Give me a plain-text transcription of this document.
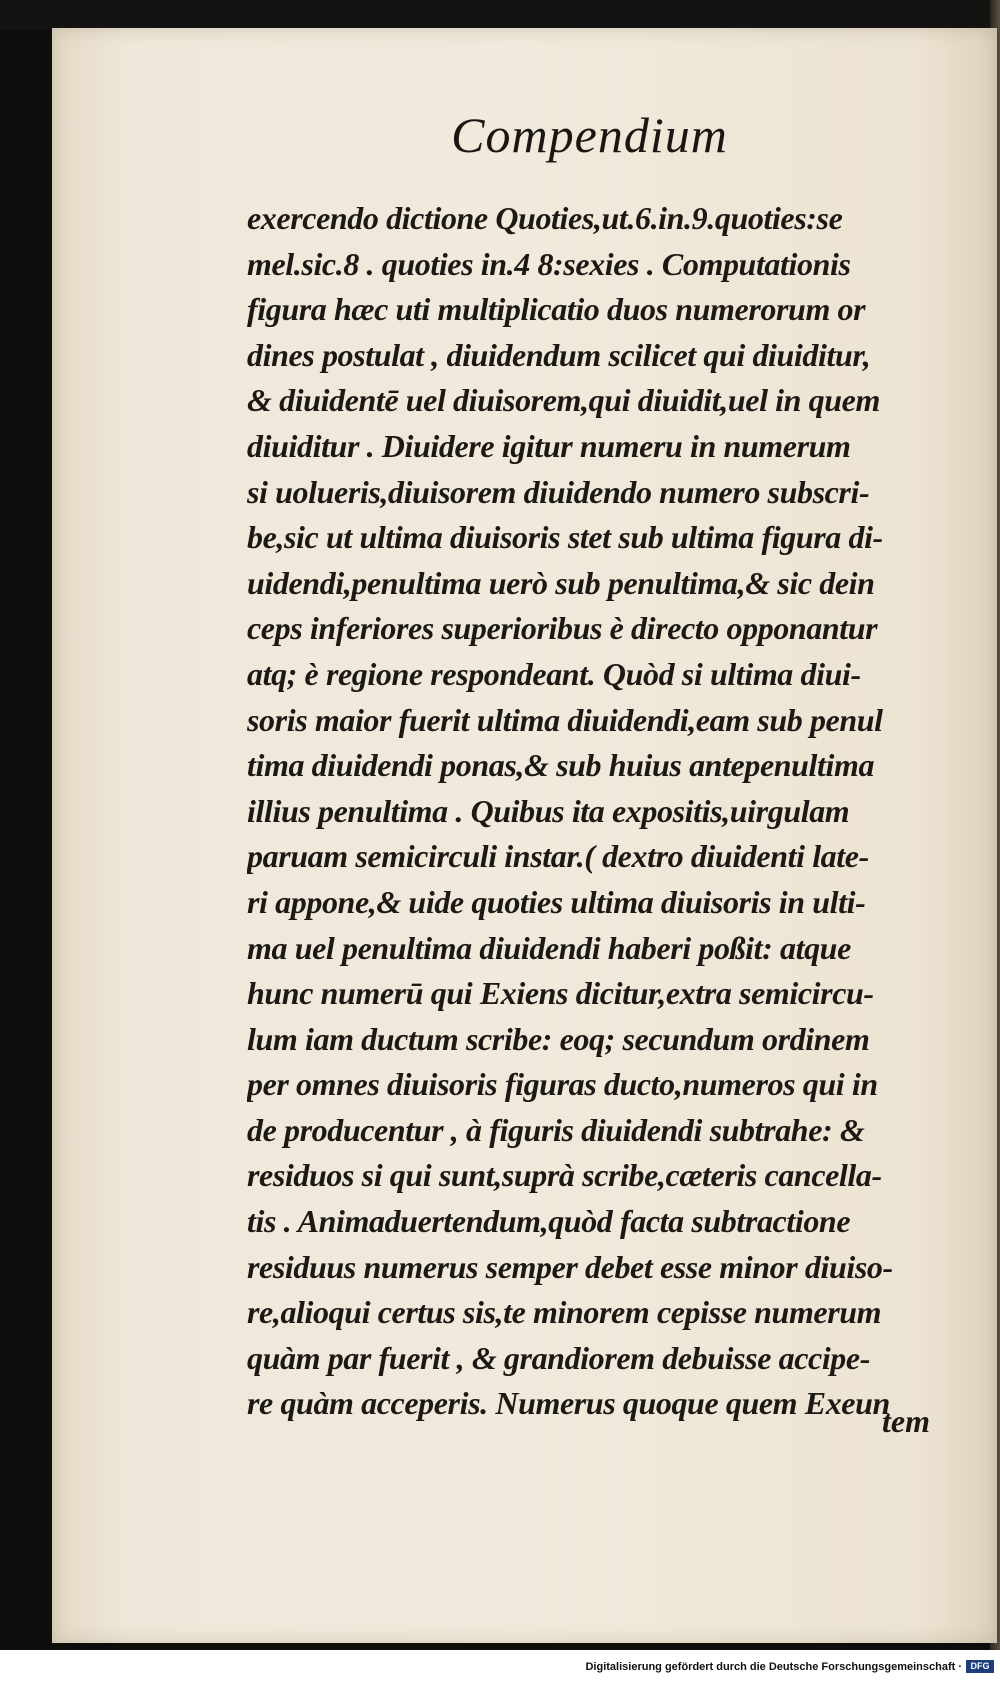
Compendium
exercendo dictione Quoties,ut.6.in.9.quoties:se
mel.sic.8 . quoties in.4 8:sexies . Computationis
figura hæc uti multiplicatio duos numerorum or
dines postulat , diuidendum scilicet qui diuiditur,
& diuidentē uel diuisorem,qui diuidit,uel in quem
diuiditur . Diuidere igitur numeru in numerum
si uolueris,diuisorem diuidendo numero subscri-
be,sic ut ultima diuisoris stet sub ultima figura di-
uidendi,penultima uerò sub penultima,& sic dein
ceps inferiores superioribus è directo opponantur
atq; è regione respondeant. Quòd si ultima diui-
soris maior fuerit ultima diuidendi,eam sub penul
tima diuidendi ponas,& sub huius antepenultima
illius penultima . Quibus ita expositis,uirgulam
paruam semicirculi instar.( dextro diuidenti late-
ri appone,& uide quoties ultima diuisoris in ulti-
ma uel penultima diuidendi haberi poßit: atque
hunc numerū qui Exiens dicitur,extra semicircu-
lum iam ductum scribe: eoq; secundum ordinem
per omnes diuisoris figuras ducto,numeros qui in
de producentur , à figuris diuidendi subtrahe: &
residuos si qui sunt,suprà scribe,cæteris cancella-
tis . Animaduertendum,quòd facta subtractione
residuus numerus semper debet esse minor diuiso-
re,alioqui certus sis,te minorem cepisse numerum
quàm par fuerit , & grandiorem debuisse accipe-
re quàm acceperis. Numerus quoque quem Exeun
tem
Digitalisierung gefördert durch die Deutsche Forschungsgemeinschaft · DFG
